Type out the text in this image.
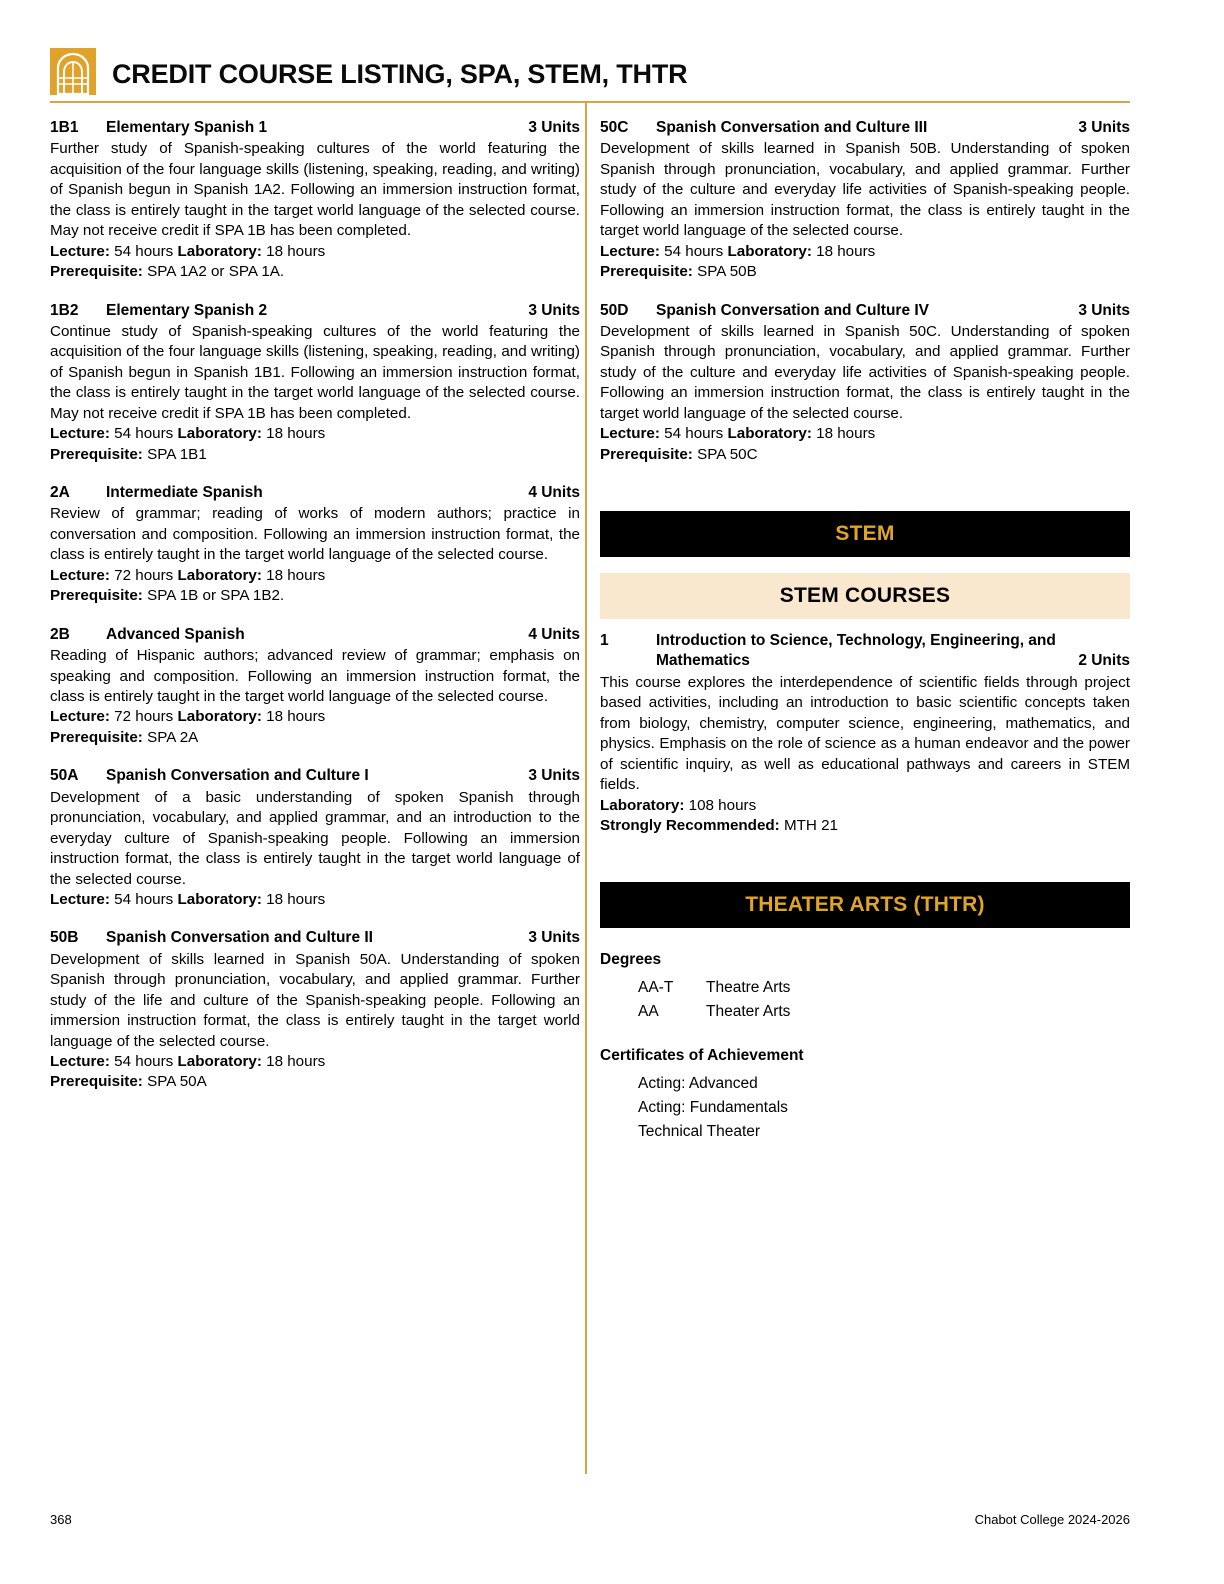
CREDIT COURSE LISTING, SPA, STEM, THTR
1B1	Elementary Spanish 1	3 Units

Further study of Spanish-speaking cultures of the world featuring the acquisition of the four language skills (listening, speaking, reading, and writing) of Spanish begun in Spanish 1A2. Following an immersion instruction format, the class is entirely taught in the target world language of the selected course. May not receive credit if SPA 1B has been completed.

Lecture: 54 hours Laboratory: 18 hours

Prerequisite: SPA 1A2 or SPA 1A.

1B2	Elementary Spanish 2	3 Units

Continue study of Spanish-speaking cultures of the world featuring the acquisition of the four language skills (listening, speaking, reading, and writing) of Spanish begun in Spanish 1B1. Following an immersion instruction format, the class is entirely taught in the target world language of the selected course. May not receive credit if SPA 1B has been completed.

Lecture: 54 hours Laboratory: 18 hours

Prerequisite: SPA 1B1

2A	Intermediate Spanish	4 Units

Review of grammar; reading of works of modern authors; practice in conversation and composition. Following an immersion instruction format, the class is entirely taught in the target world language of the selected course.

Lecture: 72 hours Laboratory: 18 hours

Prerequisite: SPA 1B or SPA 1B2.

2B	Advanced Spanish	4 Units

Reading of Hispanic authors; advanced review of grammar; emphasis on speaking and composition. Following an immersion instruction format, the class is entirely taught in the target world language of the selected course.

Lecture: 72 hours Laboratory: 18 hours

Prerequisite: SPA 2A

50A	Spanish Conversation and Culture I	3 Units

Development of a basic understanding of spoken Spanish through pronunciation, vocabulary, and applied grammar, and an introduction to the everyday culture of Spanish-speaking people. Following an immersion instruction format, the class is entirely taught in the target world language of the selected course.

Lecture: 54 hours Laboratory: 18 hours

50B	Spanish Conversation and Culture II	3 Units

Development of skills learned in Spanish 50A. Understanding of spoken Spanish through pronunciation, vocabulary, and applied grammar. Further study of the life and culture of the Spanish-speaking people. Following an immersion instruction format, the class is entirely taught in the target world language of the selected course.

Lecture: 54 hours Laboratory: 18 hours

Prerequisite: SPA 50A

50C	Spanish Conversation and Culture III	3 Units

Development of skills learned in Spanish 50B. Understanding of spoken Spanish through pronunciation, vocabulary, and applied grammar. Further study of the culture and everyday life activities of Spanish-speaking people. Following an immersion instruction format, the class is entirely taught in the target world language of the selected course.

Lecture: 54 hours Laboratory: 18 hours

Prerequisite: SPA 50B

50D	Spanish Conversation and Culture IV	3 Units

Development of skills learned in Spanish 50C. Understanding of spoken Spanish through pronunciation, vocabulary, and applied grammar. Further study of the culture and everyday life activities of Spanish-speaking people. Following an immersion instruction format, the class is entirely taught in the target world language of the selected course.

Lecture: 54 hours Laboratory: 18 hours

Prerequisite: SPA 50C

STEM
STEM COURSES
1	Introduction to Science, Technology, Engineering, and
Mathematics	2 Units

This course explores the interdependence of scientific fields through project based activities, including an introduction to basic scientific concepts taken from biology, chemistry, computer science, engineering, mathematics, and physics. Emphasis on the role of science as a human endeavor and the power of scientific inquiry, as well as educational pathways and careers in STEM fields.

Laboratory: 108 hours

Strongly Recommended: MTH 21

THEATER ARTS (THTR)
Degrees
AA-T	Theatre Arts
AA	Theater Arts
Certificates of Achievement
Acting: Advanced
Acting: Fundamentals
Technical Theater
368	Chabot College 2024-2026
